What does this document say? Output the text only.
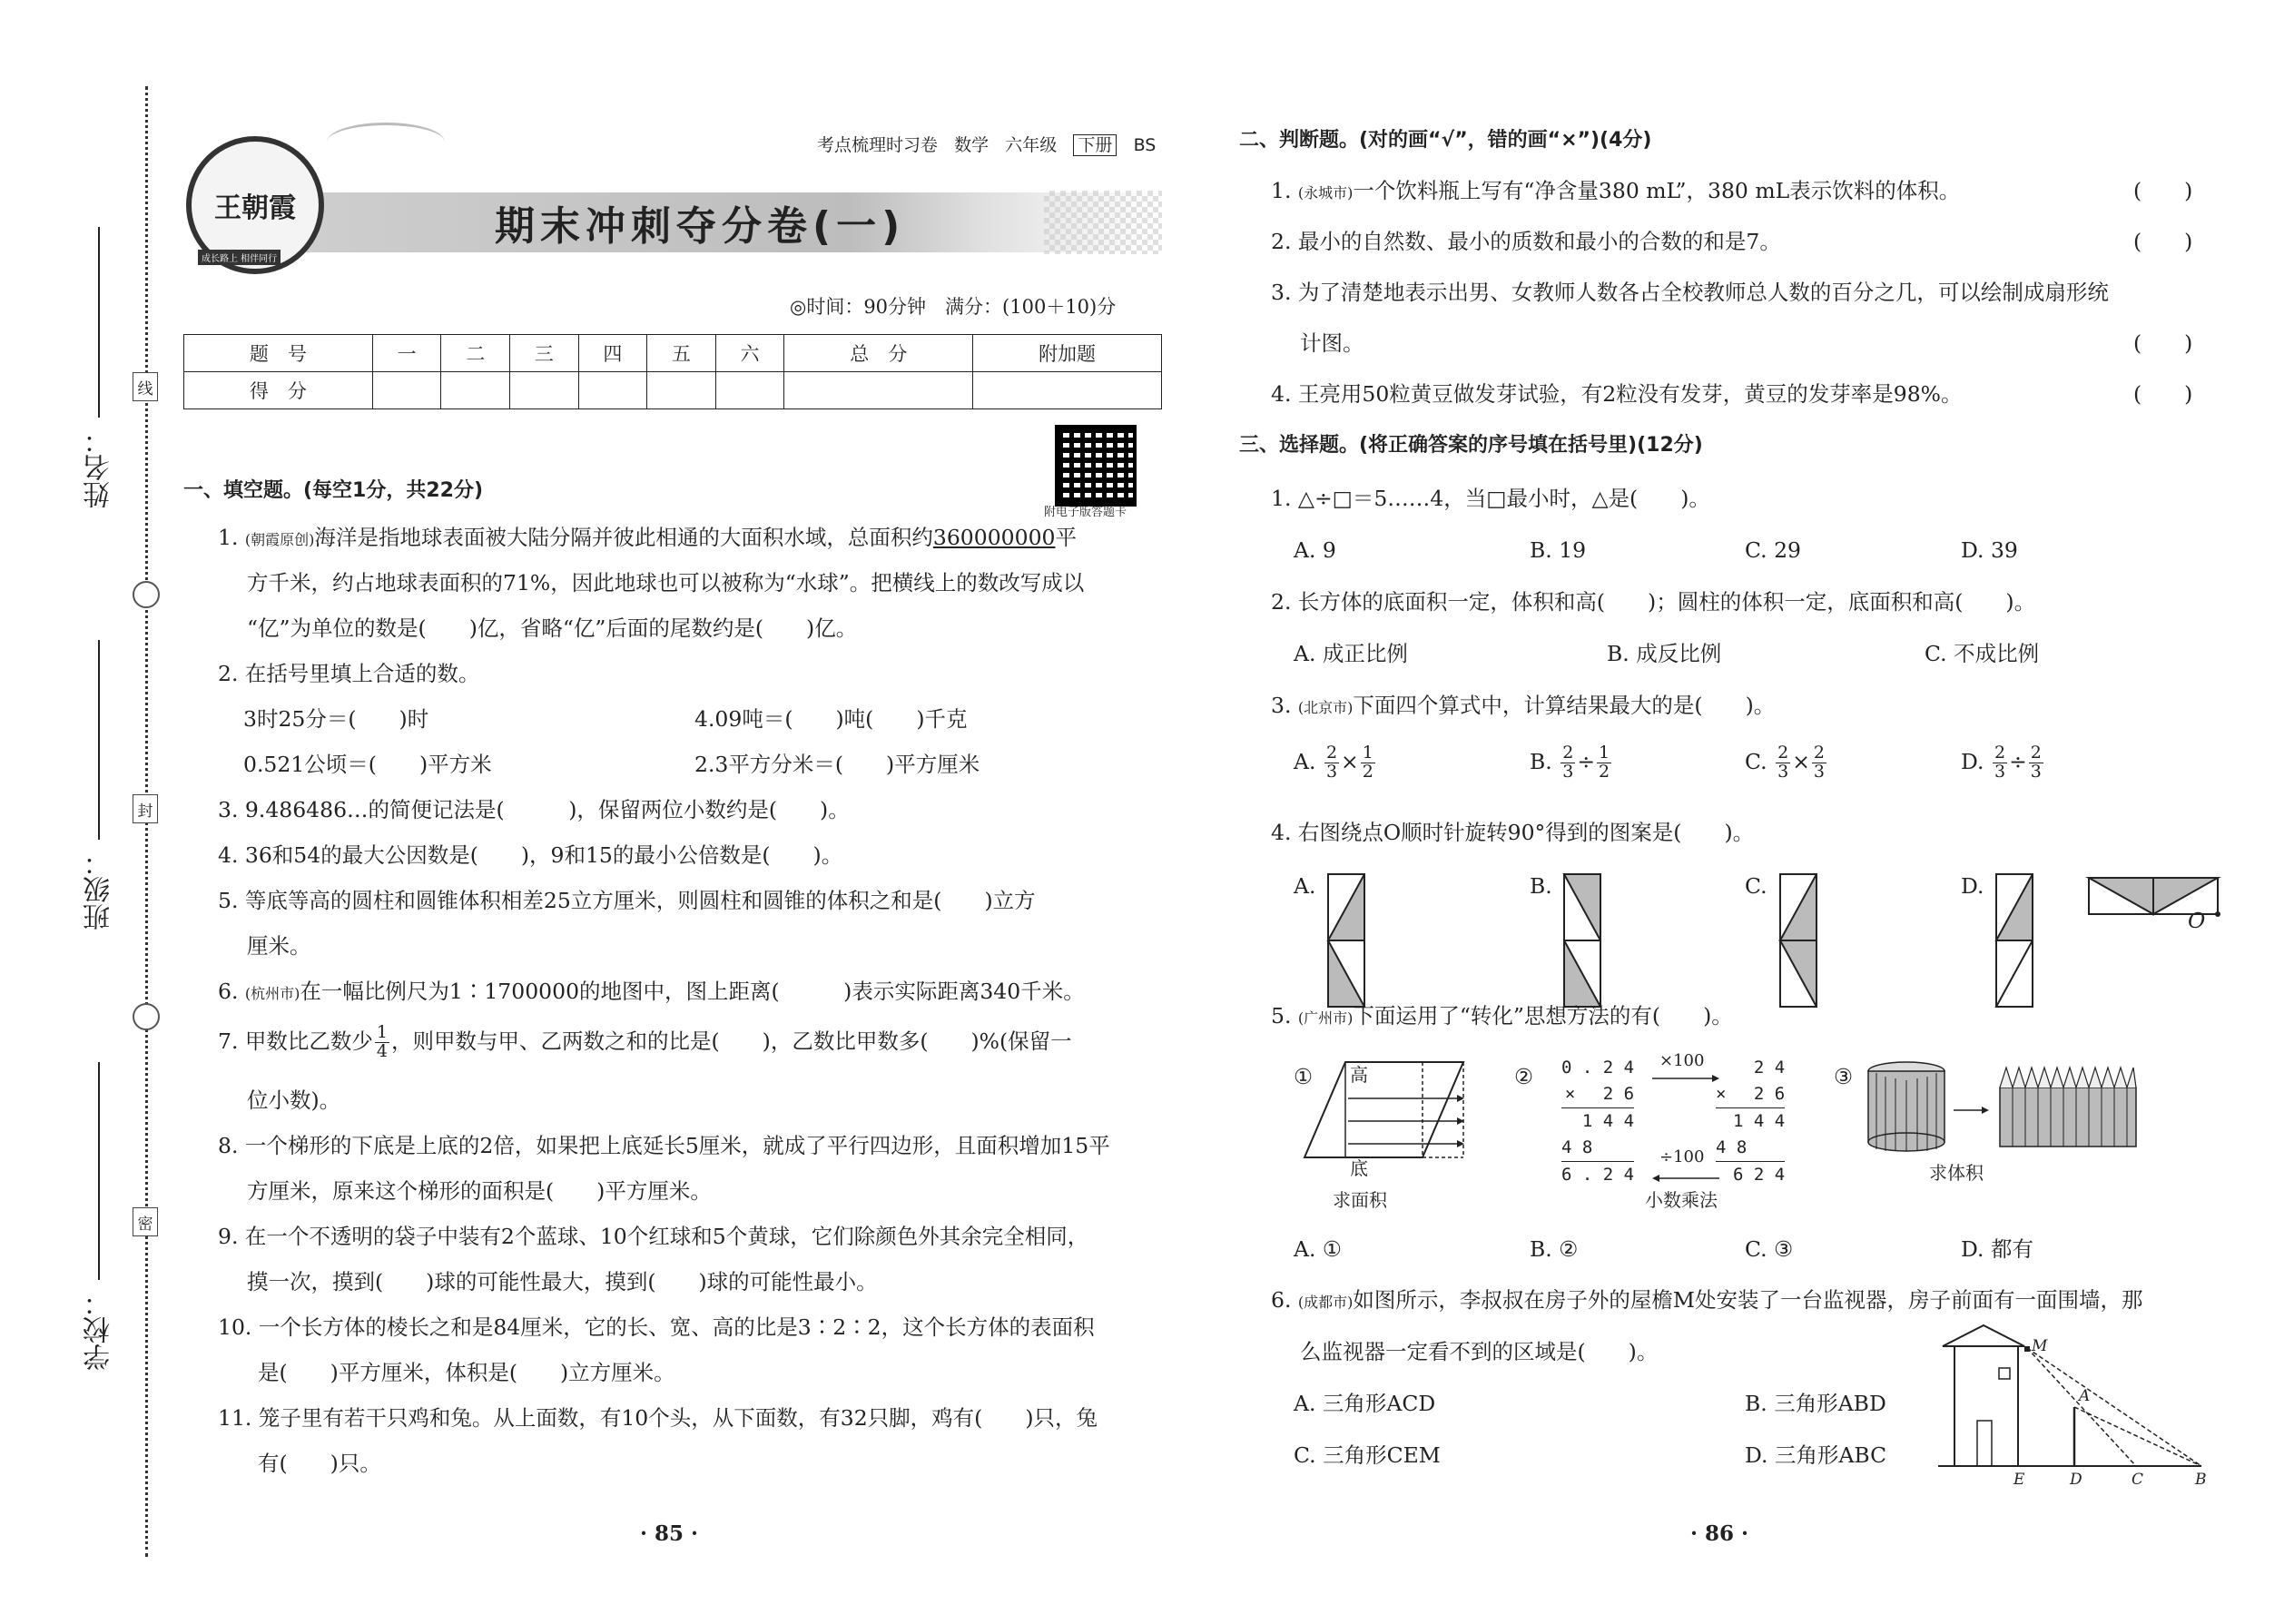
姓名：
班级：
学校：
线
封
密
王朝霞
成长路上 相伴同行
考点梳理时习卷 数学 六年级 下册 BS
期末冲刺夺分卷(一)
◎时间：90分钟　满分：(100＋10)分
题　号	一	二	三	四	五	六	总　分	附加题
得　分								
附电子版答题卡
一、填空题。(每空1分，共22分)
1. (朝霞原创)海洋是指地球表面被大陆分隔并彼此相通的大面积水域，总面积约360000000平
方千米，约占地球表面积的71%，因此地球也可以被称为“水球”。把横线上的数改写成以
“亿”为单位的数是(　　)亿，省略“亿”后面的尾数约是(　　)亿。
2. 在括号里填上合适的数。
3时25分＝(　　)时	4.09吨＝(　　)吨(　　)千克
0.521公顷＝(　　)平方米	2.3平方分米＝(　　)平方厘米
3. 9.486486…的简便记法是(　　　)，保留两位小数约是(　　)。
4. 36和54的最大公因数是(　　)，9和15的最小公倍数是(　　)。
5. 等底等高的圆柱和圆锥体积相差25立方厘米，则圆柱和圆锥的体积之和是(　　)立方
厘米。
6. (杭州市)在一幅比例尺为1∶1700000的地图中，图上距离(　　　)表示实际距离340千米。
7. 甲数比乙数少 $\frac{1}{4}$ ，则甲数与甲、乙两数之和的比是(　　)，乙数比甲数多(　　)%(保留一
位小数)。
8. 一个梯形的下底是上底的2倍，如果把上底延长5厘米，就成了平行四边形，且面积增加15平
方厘米，原来这个梯形的面积是(　　)平方厘米。
9. 在一个不透明的袋子中装有2个蓝球、10个红球和5个黄球，它们除颜色外其余完全相同，
摸一次，摸到(　　)球的可能性最大，摸到(　　)球的可能性最小。
10. 一个长方体的棱长之和是84厘米，它的长、宽、高的比是3∶2∶2，这个长方体的表面积
是(　　)平方厘米，体积是(　　)立方厘米。
11. 笼子里有若干只鸡和兔。从上面数，有10个头，从下面数，有32只脚，鸡有(　　)只，兔
有(　　)只。
· 85 ·
二、判断题。(对的画“√”，错的画“×”)(4分)
1. (永城市)一个饮料瓶上写有“净含量380 mL”，380 mL表示饮料的体积。	(　　)
2. 最小的自然数、最小的质数和最小的合数的和是7。	(　　)
3. 为了清楚地表示出男、女教师人数各占全校教师总人数的百分之几，可以绘制成扇形统
计图。	(　　)
4. 王亮用50粒黄豆做发芽试验，有2粒没有发芽，黄豆的发芽率是98%。	(　　)
三、选择题。(将正确答案的序号填在括号里)(12分)
1. △÷□＝5……4，当□最小时，△是(　　)。
A. 9	B. 19	C. 29	D. 39
2. 长方体的底面积一定，体积和高(　　)；圆柱的体积一定，底面积和高(　　)。
A. 成正比例	B. 成反比例	C. 不成比例
3. (北京市)下面四个算式中，计算结果最大的是(　　)。
A. $\frac{2}{3} \times \frac{1}{2}$	B. $\frac{2}{3} \div \frac{1}{2}$	C. $\frac{2}{3} \times \frac{2}{3}$	D. $\frac{2}{3} \div \frac{2}{3}$
4. 右图绕点O顺时针旋转90°得到的图案是(　　)。
A.	B.	C.	D.
O
5. (广州市)下面运用了“转化”思想方法的有(　　)。
① 高
底
求面积
② 0 . 2 4
×　 2 6
1 4 4
4 8
6 . 2 4
2 4
×　 2 6
1 4 4
4 8
6 2 4
×100
÷100
小数乘法
③
求体积
A. ①	B. ②	C. ③	D. 都有
6. (成都市)如图所示，李叔叔在房子外的屋檐M处安装了一台监视器，房子前面有一面围墙，那
么监视器一定看不到的区域是(　　)。
A. 三角形ACD	B. 三角形ABD
C. 三角形CEM	D. 三角形ABC
M
A
E	D	C	B
· 86 ·
